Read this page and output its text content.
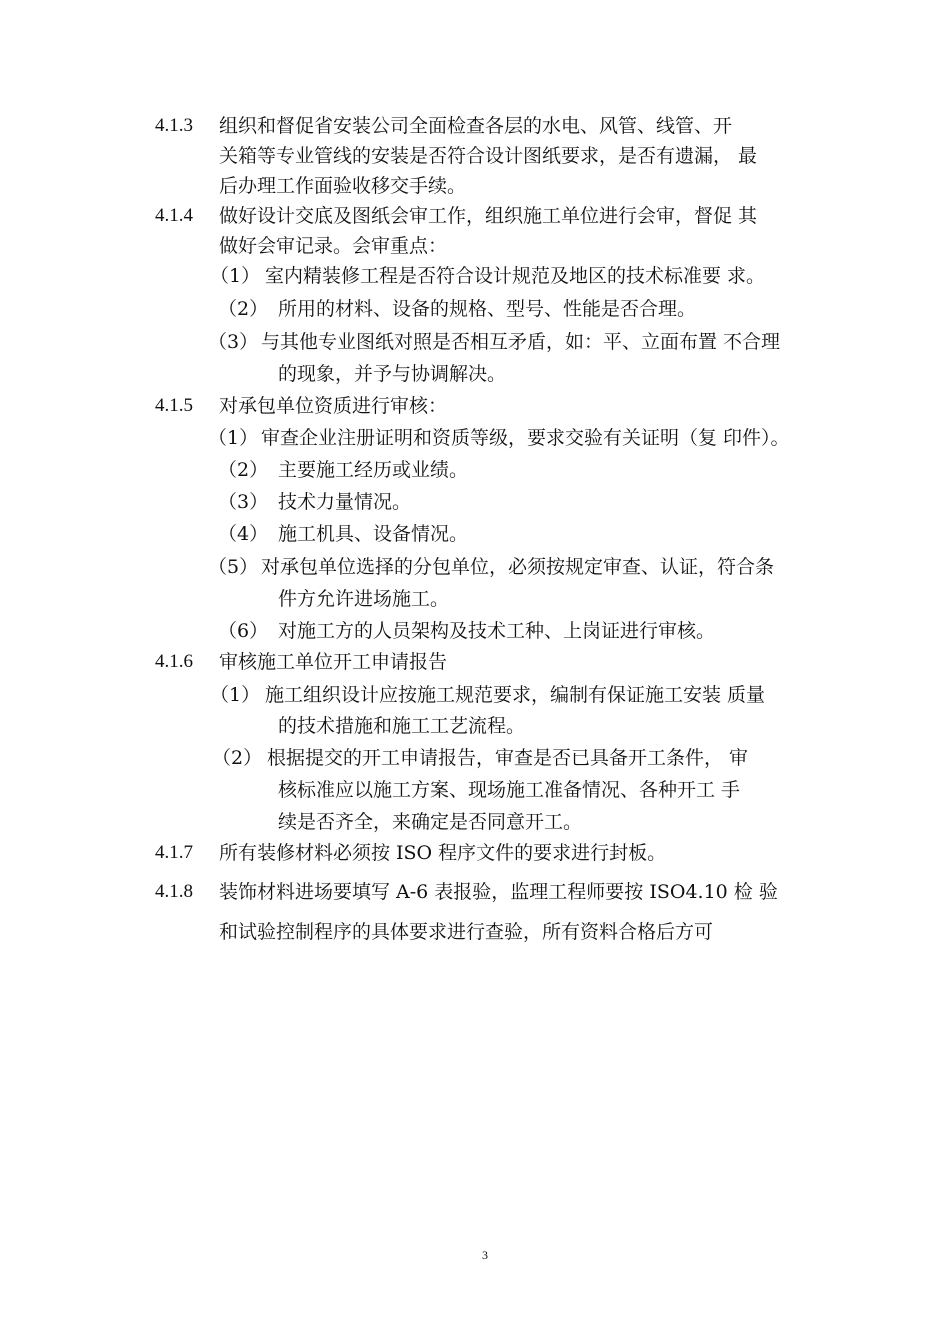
4.1.3 组织和督促省安装公司全面检查各层的水电、风管、线管、开
关箱等专业管线的安装是否符合设计图纸要求，是否有遗漏， 最
后办理工作面验收移交手续。
4.1.4 做好设计交底及图纸会审工作，组织施工单位进行会审，督促 其
做好会审记录。会审重点：
（1） 室内精装修工程是否符合设计规范及地区的技术标准要 求。
（2） 所用的材料、设备的规格、型号、性能是否合理。
（3） 与其他专业图纸对照是否相互矛盾，如：平、立面布置 不合理
的现象，并予与协调解决。
4.1.5 对承包单位资质进行审核：
（1） 审查企业注册证明和资质等级，要求交验有关证明（复 印件）。
（2） 主要施工经历或业绩。
（3） 技术力量情况。
（4） 施工机具、设备情况。
（5） 对承包单位选择的分包单位，必须按规定审查、认证，符合条
件方允许进场施工。
（6） 对施工方的人员架构及技术工种、上岗证进行审核。
4.1.6 审核施工单位开工申请报告
（1） 施工组织设计应按施工规范要求，编制有保证施工安装 质量
的技术措施和施工工艺流程。
（2） 根据提交的开工申请报告，审查是否已具备开工条件， 审
核标准应以施工方案、现场施工准备情况、各种开工 手
续是否齐全，来确定是否同意开工。
4.1.7 所有装修材料必须按 ISO 程序文件的要求进行封板。
4.1.8 装饰材料进场要填写 A-6 表报验，监理工程师要按 ISO4.10 检 验
和试验控制程序的具体要求进行查验，所有资料合格后方可
3
